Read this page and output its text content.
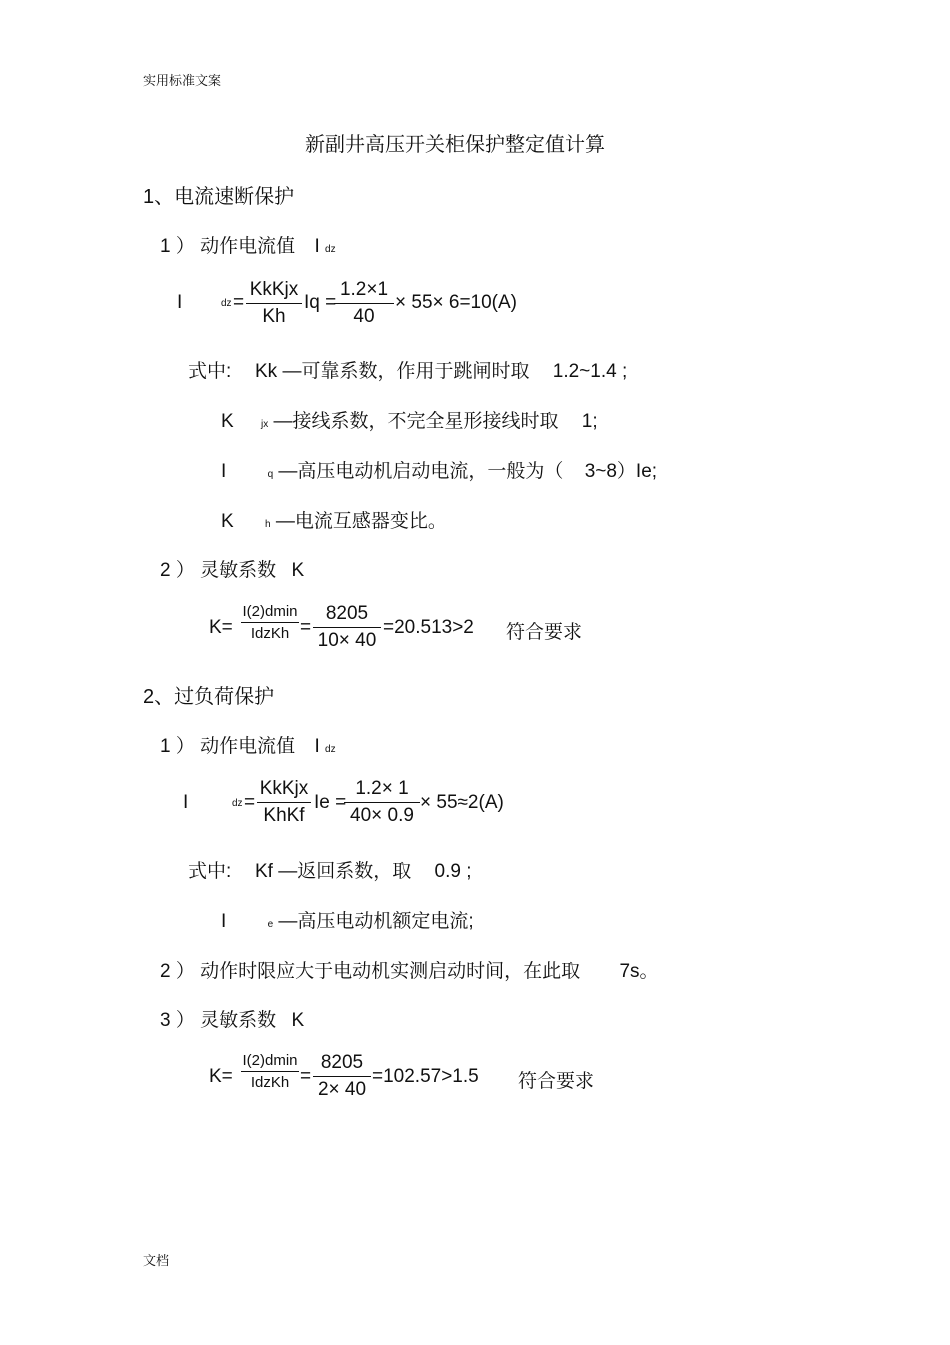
实用标准文案
文档
新副井高压开关柜保护整定值计算
1、电流速断保护
1 ） 动作电流值 I dz
I	dz =
KkKjx
Kh
Iq =
1.2×1
40
× 55× 6=10(A)
式中: Kk —可靠系数，作用于跳闸时取 1.2~1.4 ;
K	jx —接线系数，不完全星形接线时取 1;
I	q —高压电动机启动电流，一般为（ 3~8）Ie;
K	h —电流互感器变比。
2 ） 灵敏系数 K
K=
I(2)dmin
IdzKh =
8205
10× 40
=20.513>2 符合要求
2、过负荷保护
1 ） 动作电流值 I dz
I	dz =
KkKjx
KhKf
Ie =
1.2× 1
40× 0.9
× 55≈2(A)
式中: Kf —返回系数，取 0.9 ;
I	e —高压电动机额定电流;
2 ） 动作时限应大于电动机实测启动时间，在此取 7s。
3 ） 灵敏系数 K
K=
I(2)dmin
IdzKh =
8205
2× 40
=102.57>1.5 符合要求
